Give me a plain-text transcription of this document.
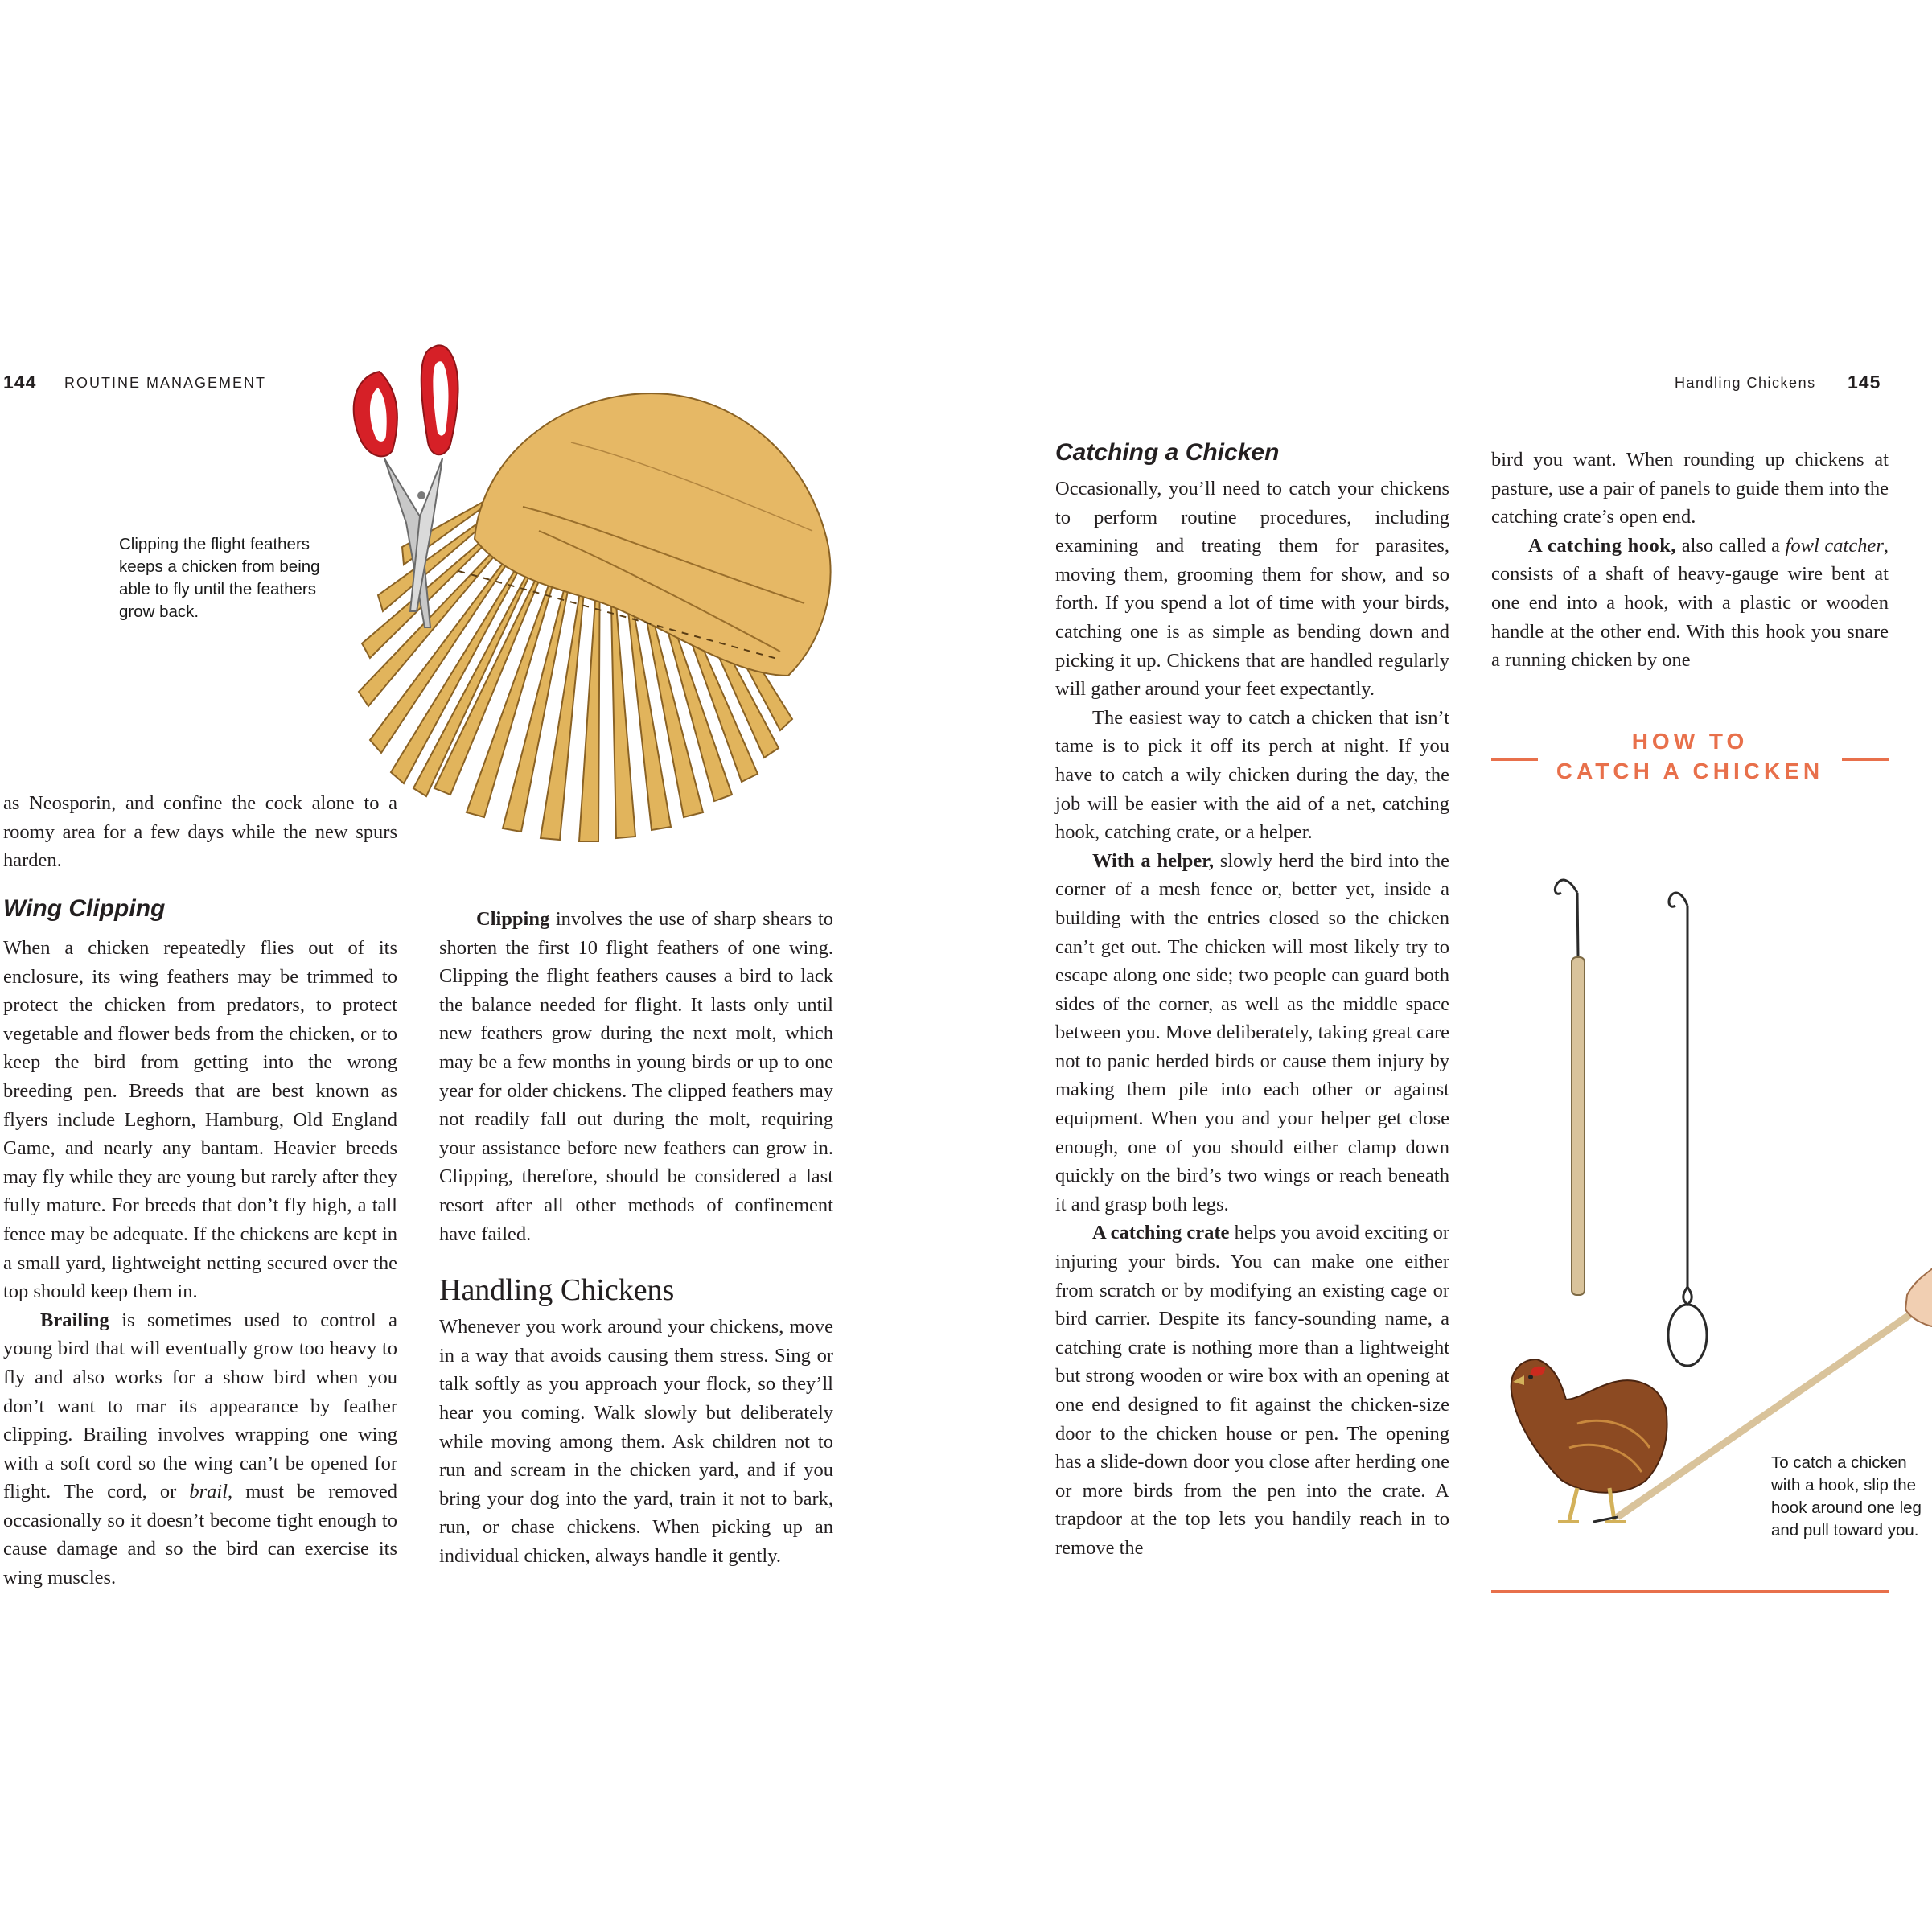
144 ROUTINE MANAGEMENT
Clipping the flight feathers keeps a chicken from being able to fly until the feathers grow back.

as Neosporin, and confine the cock alone to a roomy area for a few days while the new spurs harden.

Wing Clipping

When a chicken repeatedly flies out of its enclosure, its wing feathers may be trimmed to protect the chicken from predators, to protect vegetable and flower beds from the chicken, or to keep the bird from getting into the wrong breeding pen. Breeds that are best known as flyers include Leghorn, Hamburg, Old England Game, and nearly any bantam. Heavier breeds may fly while they are young but rarely after they fully mature. For breeds that don’t fly high, a tall fence may be adequate. If the chickens are kept in a small yard, lightweight netting secured over the top should keep them in.

Brailing is sometimes used to control a young bird that will eventually grow too heavy to fly and also works for a show bird when you don’t want to mar its appearance by feather clipping. Brailing involves wrapping one wing with a soft cord so the wing can’t be opened for flight. The cord, or brail, must be removed occasionally so it doesn’t become tight enough to cause damage and so the bird can exercise its wing muscles.

Clipping involves the use of sharp shears to shorten the first 10 flight feathers of one wing. Clipping the flight feathers causes a bird to lack the balance needed for flight. It lasts only until new feathers grow during the next molt, which may be a few months in young birds or up to one year for older chickens. The clipped feathers may not readily fall out during the molt, requiring your assistance before new feathers can grow in. Clipping, therefore, should be considered a last resort after all other methods of confinement have failed.

Handling Chickens

Whenever you work around your chickens, move in a way that avoids causing them stress. Sing or talk softly as you approach your flock, so they’ll hear you coming. Walk slowly but deliberately while moving among them. Ask children not to run and scream in the chicken yard, and if you bring your dog into the yard, train it not to bark, run, or chase chickens. When picking up an individual chicken, always handle it gently.

Handling Chickens 145
Catching a Chicken

Occasionally, you’ll need to catch your chickens to perform routine procedures, including examining and treating them for parasites, moving them, grooming them for show, and so forth. If you spend a lot of time with your birds, catching one is as simple as bending down and picking it up. Chickens that are handled regularly will gather around your feet expectantly.

The easiest way to catch a chicken that isn’t tame is to pick it off its perch at night. If you have to catch a wily chicken during the day, the job will be easier with the aid of a net, catching hook, catching crate, or a helper.

With a helper, slowly herd the bird into the corner of a mesh fence or, better yet, inside a building with the entries closed so the chicken can’t get out. The chicken will most likely try to escape along one side; two people can guard both sides of the corner, as well as the middle space between you. Move deliberately, taking great care not to panic herded birds or cause them injury by making them pile into each other or against equipment. When you and your helper get close enough, one of you should either clamp down quickly on the bird’s two wings or reach beneath it and grasp both legs.

A catching crate helps you avoid exciting or injuring your birds. You can make one either from scratch or by modifying an existing cage or bird carrier. Despite its fancy-sounding name, a catching crate is nothing more than a lightweight but strong wooden or wire box with an opening at one end designed to fit against the chicken-size door to the chicken house or pen. The opening has a slide-down door you close after herding one or more birds from the pen into the crate. A trapdoor at the top lets you handily reach in to remove the

bird you want. When rounding up chickens at pasture, use a pair of panels to guide them into the catching crate’s open end.

A catching hook, also called a fowl catcher, consists of a shaft of heavy-gauge wire bent at one end into a hook, with a plastic or wooden handle at the other end. With this hook you snare a running chicken by one

HOW TO
CATCH A CHICKEN
To catch a chicken with a hook, slip the hook around one leg and pull toward you.
